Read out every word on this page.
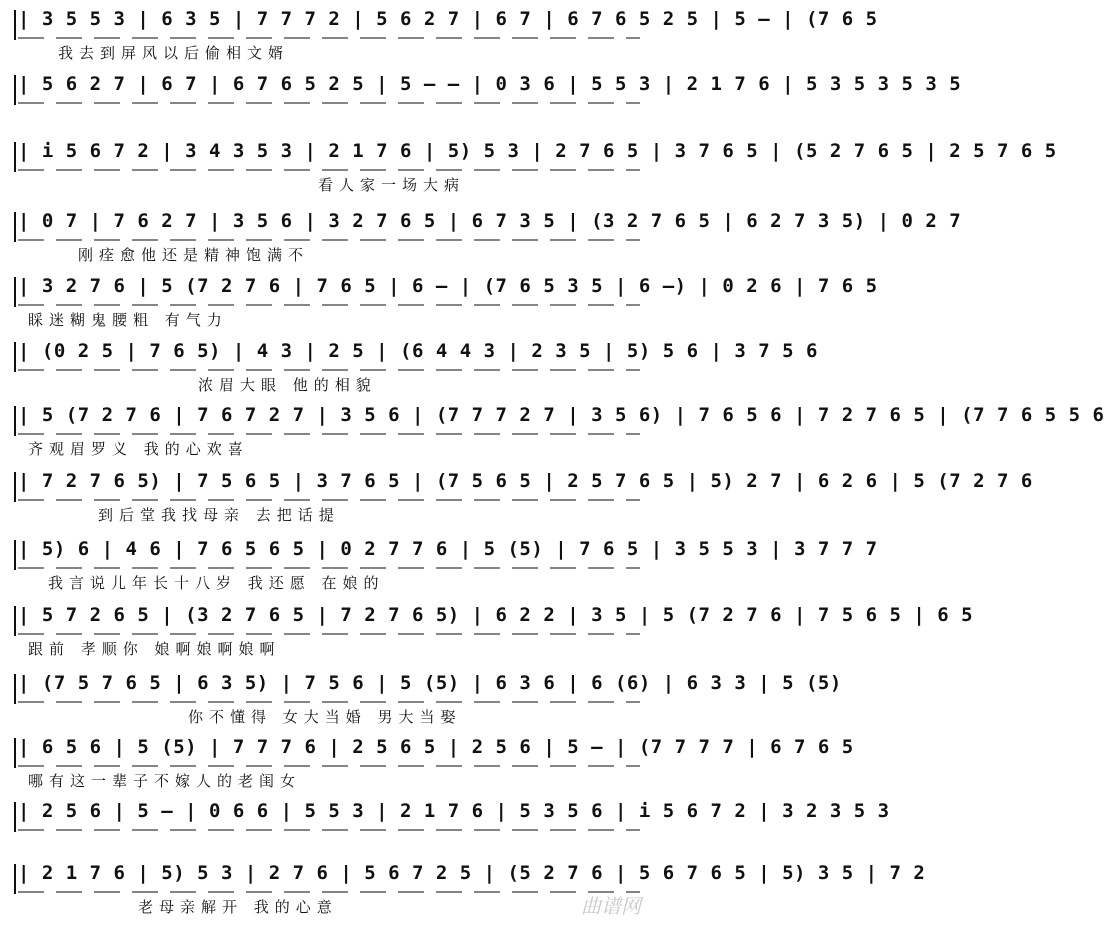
| 3 5 5 3 | 6 3 5 | 7 7 7 2 | 5 6 2 7 | 6 7 | 6 7 6 5 2 5 | 5 — | (7 6 5
我去到屏风以后偷相文婿
| 5 6 2 7 | 6 7 | 6 7 6 5 2 5 | 5 — — | 0 3 6 | 5 5 3 | 2 1 7 6 | 5 3 5 3 5 3 5
| i 5 6 7 2 | 3 4 3 5 3 | 2 1 7 6 | 5) 5 3 | 2 7 6 5 | 3 7 6 5 | (5 2 7 6 5 | 2 5 7 6 5
看人家一场大病
| 0 7 | 7 6 2 7 | 3 5 6 | 3 2 7 6 5 | 6 7 3 5 | (3 2 7 6 5 | 6 2 7 3 5) | 0 2 7
刚痊愈他还是精神饱满不
| 3 2 7 6 | 5 (7 2 7 6 | 7 6 5 | 6 — | (7 6 5 3 5 | 6 —) | 0 2 6 | 7 6 5
睬迷糊鬼腰粗 有气力
| (0 2 5 | 7 6 5) | 4 3 | 2 5 | (6 4 4 3 | 2 3 5 | 5) 5 6 | 3 7 5 6
浓眉大眼 他的相貌
| 5 (7 2 7 6 | 7 6 7 2 7 | 3 5 6 | (7 7 7 2 7 | 3 5 6) | 7 6 5 6 | 7 2 7 6 5 | (7 7 6 5 5 6
齐观眉罗义 我的心欢喜
| 7 2 7 6 5) | 7 5 6 5 | 3 7 6 5 | (7 5 6 5 | 2 5 7 6 5 | 5) 2 7 | 6 2 6 | 5 (7 2 7 6
到后堂我找母亲 去把话提
| 5) 6 | 4 6 | 7 6 5 6 5 | 0 2 7 7 6 | 5 (5) | 7 6 5 | 3 5 5 3 | 3 7 7 7
我言说儿年长十八岁 我还愿 在娘的
| 5 7 2 6 5 | (3 2 7 6 5 | 7 2 7 6 5) | 6 2 2 | 3 5 | 5 (7 2 7 6 | 7 5 6 5 | 6 5
跟前 孝顺你 娘啊娘啊娘啊
| (7 5 7 6 5 | 6 3 5) | 7 5 6 | 5 (5) | 6 3 6 | 6 (6) | 6 3 3 | 5 (5)
你不懂得 女大当婚 男大当娶
| 6 5 6 | 5 (5) | 7 7 7 6 | 2 5 6 5 | 2 5 6 | 5 — | (7 7 7 7 | 6 7 6 5
哪有这一辈子不嫁人的老闺女
| 2 5 6 | 5 — | 0 6 6 | 5 5 3 | 2 1 7 6 | 5 3 5 6 | i 5 6 7 2 | 3 2 3 5 3
| 2 1 7 6 | 5) 5 3 | 2 7 6 | 5 6 7 2 5 | (5 2 7 6 | 5 6 7 6 5 | 5) 3 5 | 7 2
老母亲解开 我的心意	曲谱网
